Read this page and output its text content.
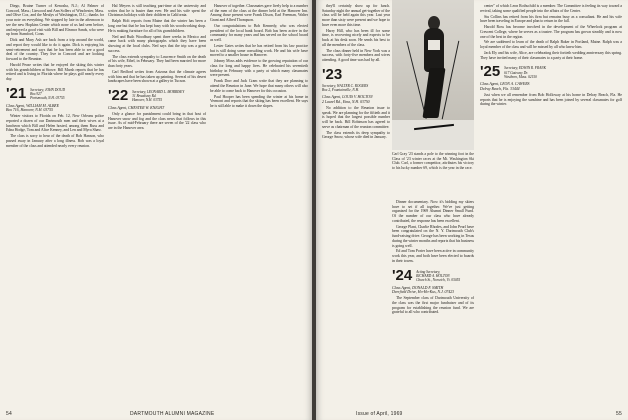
Diego, Bruine Turner of Kenosha, N.J.; Al Palmer of Concord, Mass.; Linwood and Ann Sollers of Winchester, Mass. and Olive Cox, and the Mealys of Washington, D.C.; thanks for your note on everything. We stopped by late in the afternoon to see the new Hopkins Center which none of us had seen before, and enjoyed a good visit with Bill and Eleanor Sands, who were up from Stamford, Conn.

Dick and Mary Ash are back from a trip around the world, and report they would like to do it again. Dick is enjoying his semi-retirement and says that he has been able to see a good deal of the country. They live in Concord and are looking forward to the Reunion.

Harold Pease writes that he enjoyed the skiing this winter with his grandchildren at Stowe. Bill Marsh reports that he has retired and is living in Florida where he plays golf nearly every day.

'21 Secretary, JOHN DOUD
Box 927
Portsmouth, N.H. 03755

Class Agent, WILLIAM M. ALBEE
Box 716, Hanover, N.H. 03755

Winter visitors to Florida on Feb. 12, New Orleans police reported a dozen of our Dartmouth men and their wives at a luncheon which Bill and Helen hosted, among them Russ and Edna Hodge, Tom and Alice Kenney, and Len and Myra Shaw.

The class is sorry to hear of the death of Bob Hanson, who passed away in January after a long illness. Bob was a loyal member of the class and attended nearly every reunion.

Hal Meyers is still teaching part-time at the university and writes that he is busier than ever. He and his wife spent the Christmas holidays with their children in California.

Ralph Holt reports from Maine that the winter has been a long one but that he has kept busy with his woodworking shop. He is making furniture for all of his grandchildren.

Ned and Ruth Woodbury spent three weeks in Mexico and came back with many photographs which they have been showing at the local clubs. Ned says that the trip was a great success.

The class extends sympathy to Lawrence Smith on the death of his wife, Ethel, in February. They had been married for more than forty years.

Carl Bedford writes from Arizona that the climate agrees with him and that he has taken up painting. Several of his desert landscapes have been shown at a gallery in Tucson.

'22 Secretary, LEONARD L. MORRISEY
31 Broadway Rd.
Hanover, N.H. 03755

Class Agent, CHESTER W. KNIGHT

Only a glance for punishment could bring in that host of Hanover snow and fog and the class news that follows in this issue. As of mid-February there are seven of the '22 class who are in the Hanover area.

Hanover of together. Classmates gave lively help to a number of the men of the class at the dinner held at the Hanover Inn. Among those present were Frank Dixon, Earl Freeman, Walter Grant and Alfred Thompson.

Our congratulations to Bob Kennedy, who was elected president of the local bank board. Bob has been active in the community for many years and has served on the school board as well.

Lester Gates writes that he has retired from his law practice but is still doing some consulting work. He and his wife have moved to a smaller house in Hanover.

Johnny Moss adds evidence to the growing reputation of our class for long and happy lives. He celebrated his seventieth birthday in February with a party at which many classmates were present.

Frank Dorr and Jack Cram write that they are planning to attend the Reunion in June. We hope that many others will also be able to come back to Hanover for this occasion.

Paul Hooper has been spending the winter at his home in Vermont and reports that the skiing has been excellent. He says he is still able to make it down the slopes.

54	DARTMOUTH ALUMNI MAGAZINE

they'll certainly show up for lunch. Saturday night the annual get-together of the class will be held again this year. Last year more than sixty were present and we hope to have even more this time.

Harry Hill, who has been ill for some time, is recovering nicely and expects to be back at his desk soon. He sends his best to all the members of the class.

The class dinner held in New York was a success, with forty-five members and wives attending. A good time was had by all.

'23 Secretary, WALTER C. ROGERS
Box 2, Fountainville, N.H.

Class Agent, LOUIS V. HOLTON
2 Laurel Rd., Etna, N.H. 03750

No addition to the Reunion issue to speak. We are planning for the fiftieth and it is hoped that the largest possible number will be back. Bill Robinson has agreed to serve as chairman of the reunion committee.

The class extends its deep sympathy to George Snow, whose wife died in January.

Carl Gray '23 stands a pole to the winning foot in the Class of '23 winter races at the Mt. Washington Ski Club. Carl, a former competitor, attributes his victory to his lucky number 69, which is the year in the race.

Dinner documentary. Now it's bidding my skiers have to set if all together. We've just getting organized for the 1969 Alumni Dinner Small Fund. Of the number of our class who have already contributed, the response has been excellent.

George Plant, Charlie Rhodes, and John Pearl have been congratulated on the N. Y. Dartmouth Club's fund-raising drive. George has been working in Texas during the winter months and reports that his business is going well.

Ed and Tom Porter have been active in community work this year, and both have been elected to boards in their towns.

'24 Acting Secretary,
RICHARD A. HOLTON
Church St., Norwich, Vt. 05055

Class Agent, DONALD F. SMITH
Deerfield Drive, Ho-Ho-Kus, N.J. 07423

The September class of Dartmouth University of the class was the first major fundraiser and of its program for establishing the reunion fund. We are grateful to all who contributed.

center" of which Leon Rothschild is a member. The Committee is feeling its way toward a revival, taking some qualified people into the affairs of the Center.

Stu Collins has retired from his firm but remains busy as a consultant. He and his wife have been traveling in Europe and plan to return in the fall.

Harold Ross has become involved in the development of the Wheelock program at Crescent College, where he serves as a trustee. The program has grown steadily and is now one of the best in the region.

We are saddened to learn of the death of Ralph Baker in Portland, Maine. Ralph was a loyal member of the class and will be missed by all who knew him.

Jack Ely and his wife, Alice, are celebrating their fortieth wedding anniversary this spring. They have invited many of their classmates to a party at their home.

'25 Secretary, EDWIN R. FRANK
617 Gateway Dr.
Westboro, Mass. 02150

Class Agent, LEON A. CAWERS
Delray Beach, Fla. 33444

Just when we all remember from Bob Holloway at his home in Delray Beach, Fla. He reports that he is enjoying the sunshine and has been joined by several classmates for golf during the winter.

Issue of April, 1969	55
